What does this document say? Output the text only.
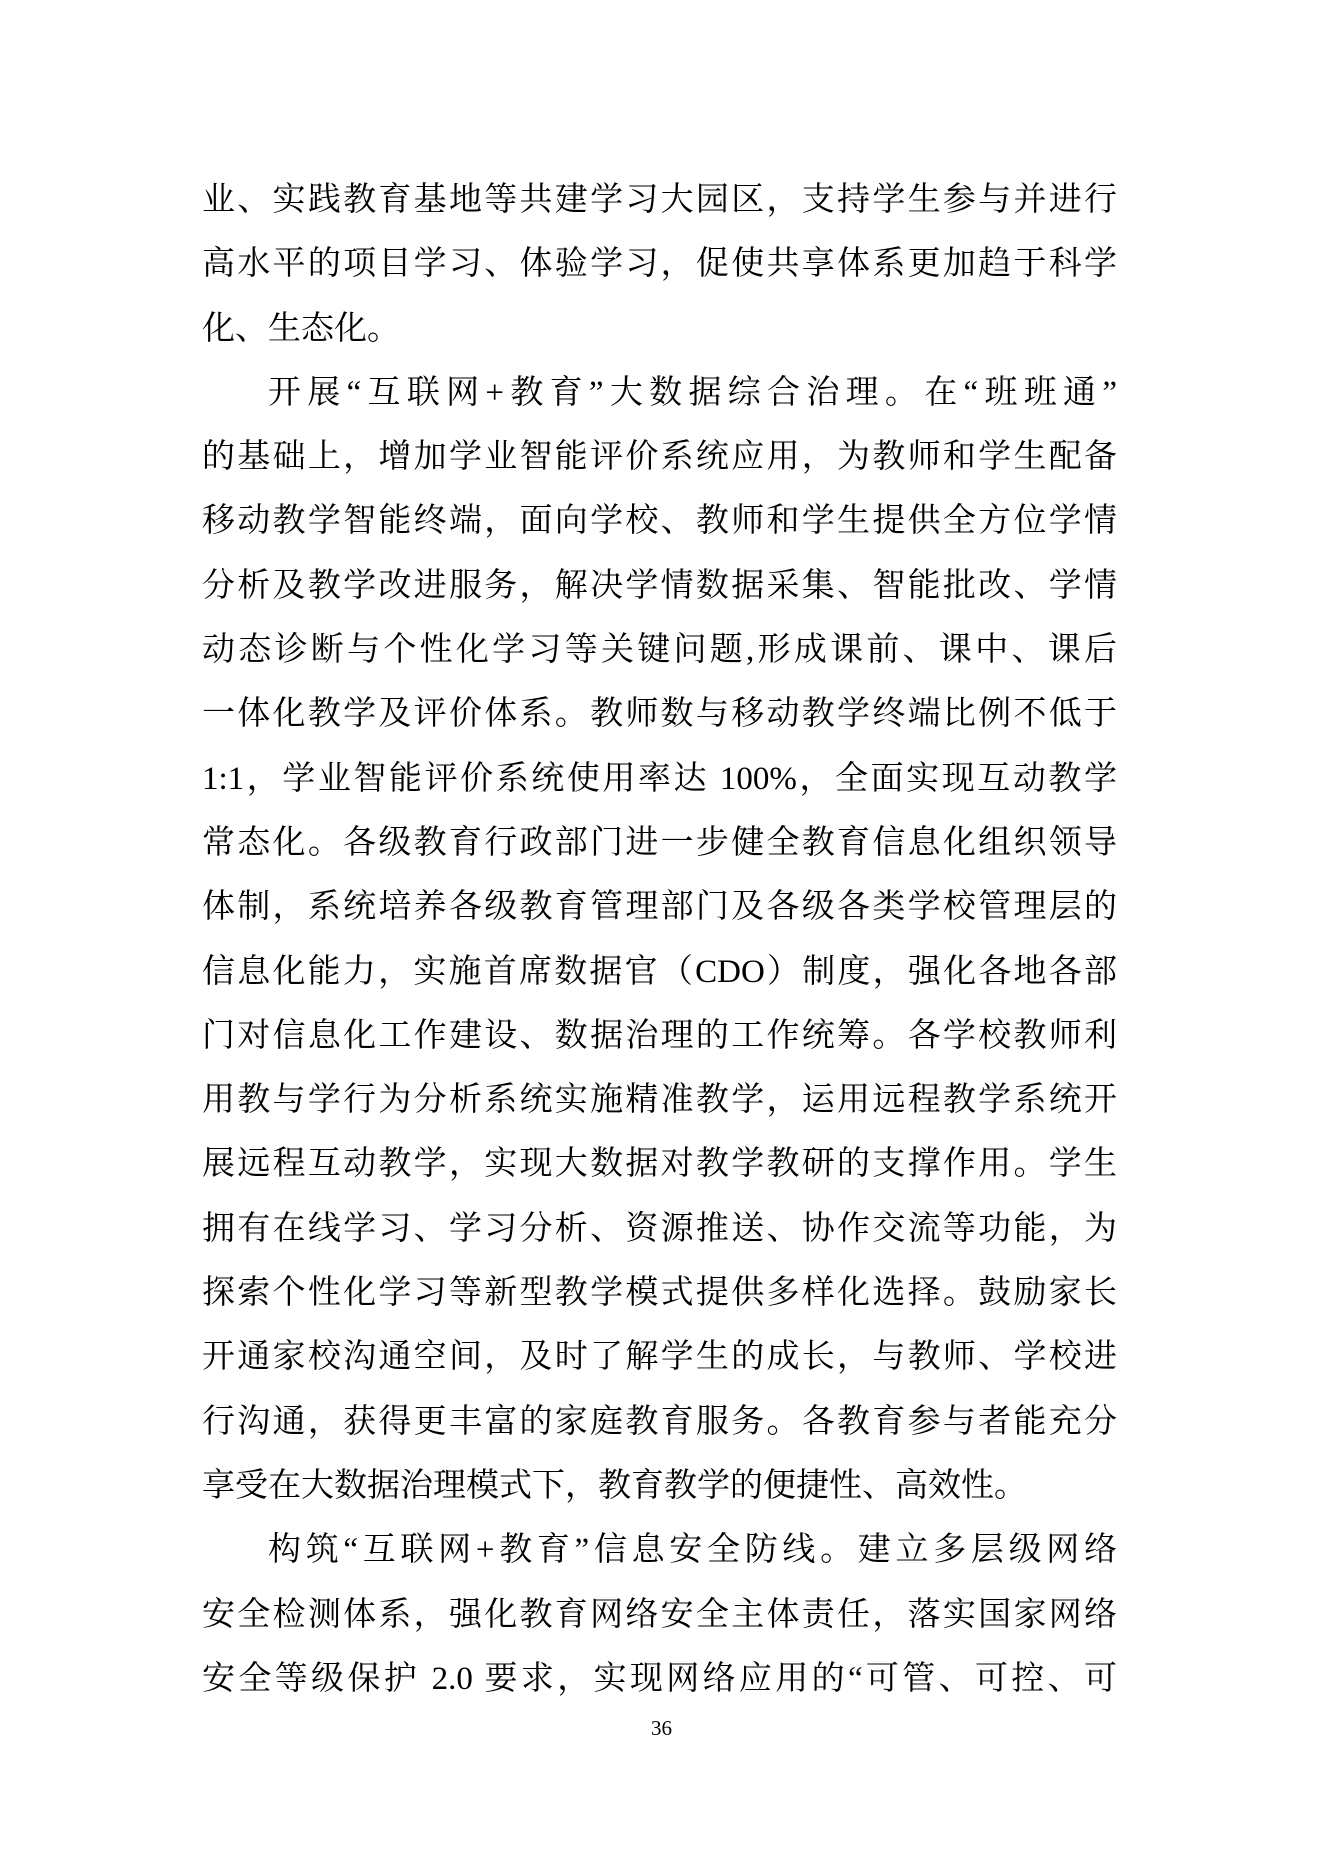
业、实践教育基地等共建学习大园区，支持学生参与并进行
高水平的项目学习、体验学习，促使共享体系更加趋于科学
化、生态化。
开展“互联网+教育”大数据综合治理。在“班班通”
的基础上，增加学业智能评价系统应用，为教师和学生配备
移动教学智能终端，面向学校、教师和学生提供全方位学情
分析及教学改进服务，解决学情数据采集、智能批改、学情
动态诊断与个性化学习等关键问题,形成课前、课中、课后
一体化教学及评价体系。教师数与移动教学终端比例不低于
1:1，学业智能评价系统使用率达 100%，全面实现互动教学
常态化。各级教育行政部门进一步健全教育信息化组织领导
体制，系统培养各级教育管理部门及各级各类学校管理层的
信息化能力，实施首席数据官（CDO）制度，强化各地各部
门对信息化工作建设、数据治理的工作统筹。各学校教师利
用教与学行为分析系统实施精准教学，运用远程教学系统开
展远程互动教学，实现大数据对教学教研的支撑作用。学生
拥有在线学习、学习分析、资源推送、协作交流等功能，为
探索个性化学习等新型教学模式提供多样化选择。鼓励家长
开通家校沟通空间，及时了解学生的成长，与教师、学校进
行沟通，获得更丰富的家庭教育服务。各教育参与者能充分
享受在大数据治理模式下，教育教学的便捷性、高效性。
构筑“互联网+教育”信息安全防线。建立多层级网络
安全检测体系，强化教育网络安全主体责任，落实国家网络
安全等级保护 2.0 要求，实现网络应用的“可管、可控、可
36
